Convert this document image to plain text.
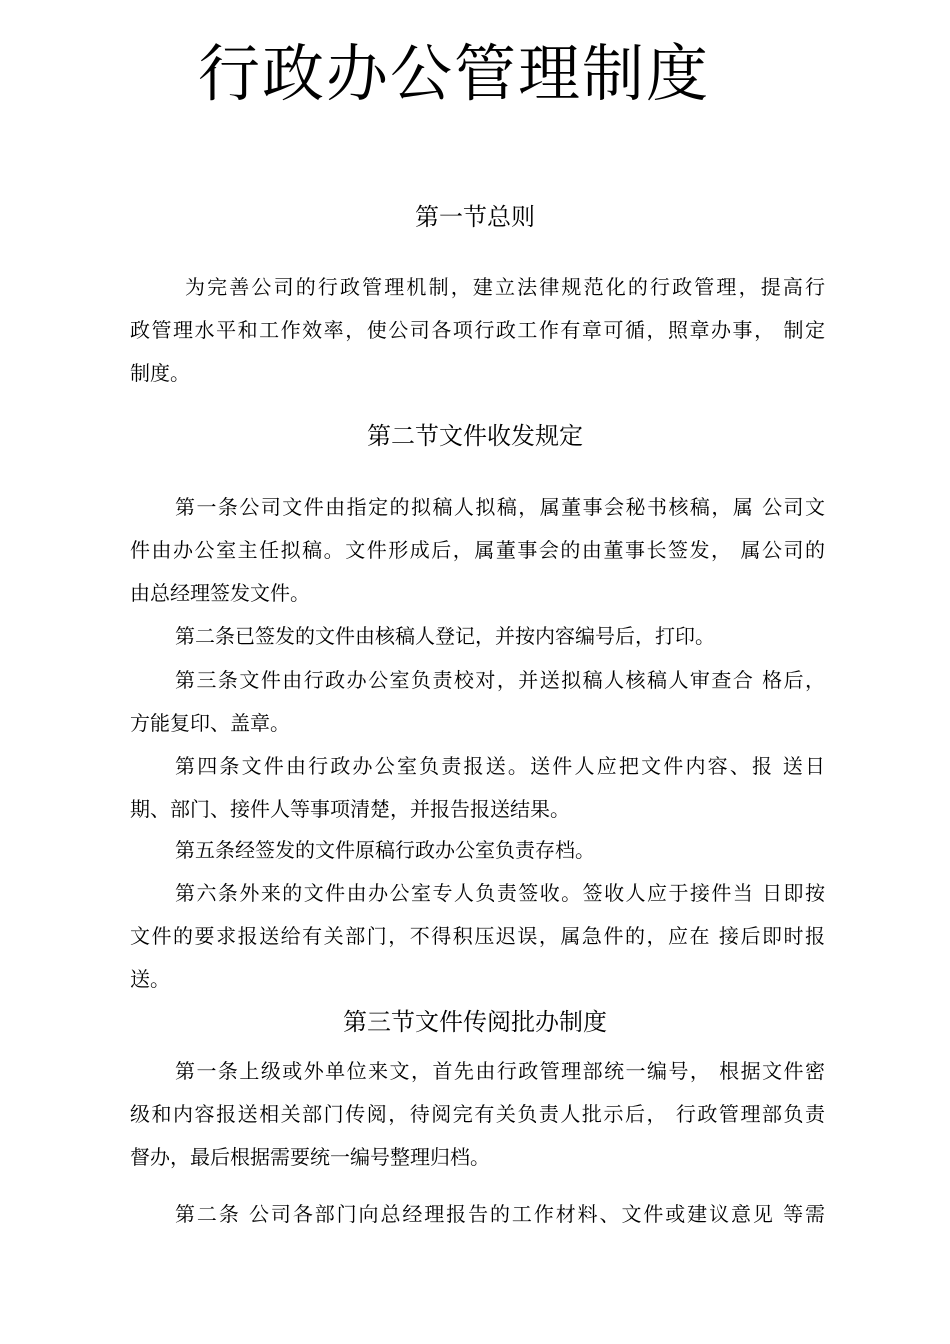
行政办公管理制度
第一节总则
为完善公司的行政管理机制，建立法律规范化的行政管理，提高行
政管理水平和工作效率，使公司各项行政工作有章可循，照章办事， 制定
制度。
第二节文件收发规定
第一条公司文件由指定的拟稿人拟稿，属董事会秘书核稿，属 公司文
件由办公室主任拟稿。文件形成后，属董事会的由董事长签发， 属公司的
由总经理签发文件。
第二条已签发的文件由核稿人登记，并按内容编号后，打印。
第三条文件由行政办公室负责校对，并送拟稿人核稿人审查合 格后，
方能复印、盖章。
第四条文件由行政办公室负责报送。送件人应把文件内容、报 送日
期、部门、接件人等事项清楚，并报告报送结果。
第五条经签发的文件原稿行政办公室负责存档。
第六条外来的文件由办公室专人负责签收。签收人应于接件当 日即按
文件的要求报送给有关部门，不得积压迟误，属急件的，应在 接后即时报
送。
第三节文件传阅批办制度
第一条上级或外单位来文，首先由行政管理部统一编号， 根据文件密
级和内容报送相关部门传阅，待阅完有关负责人批示后， 行政管理部负责
督办，最后根据需要统一编号整理归档。
第二条 公司各部门向总经理报告的工作材料、文件或建议意见 等需
